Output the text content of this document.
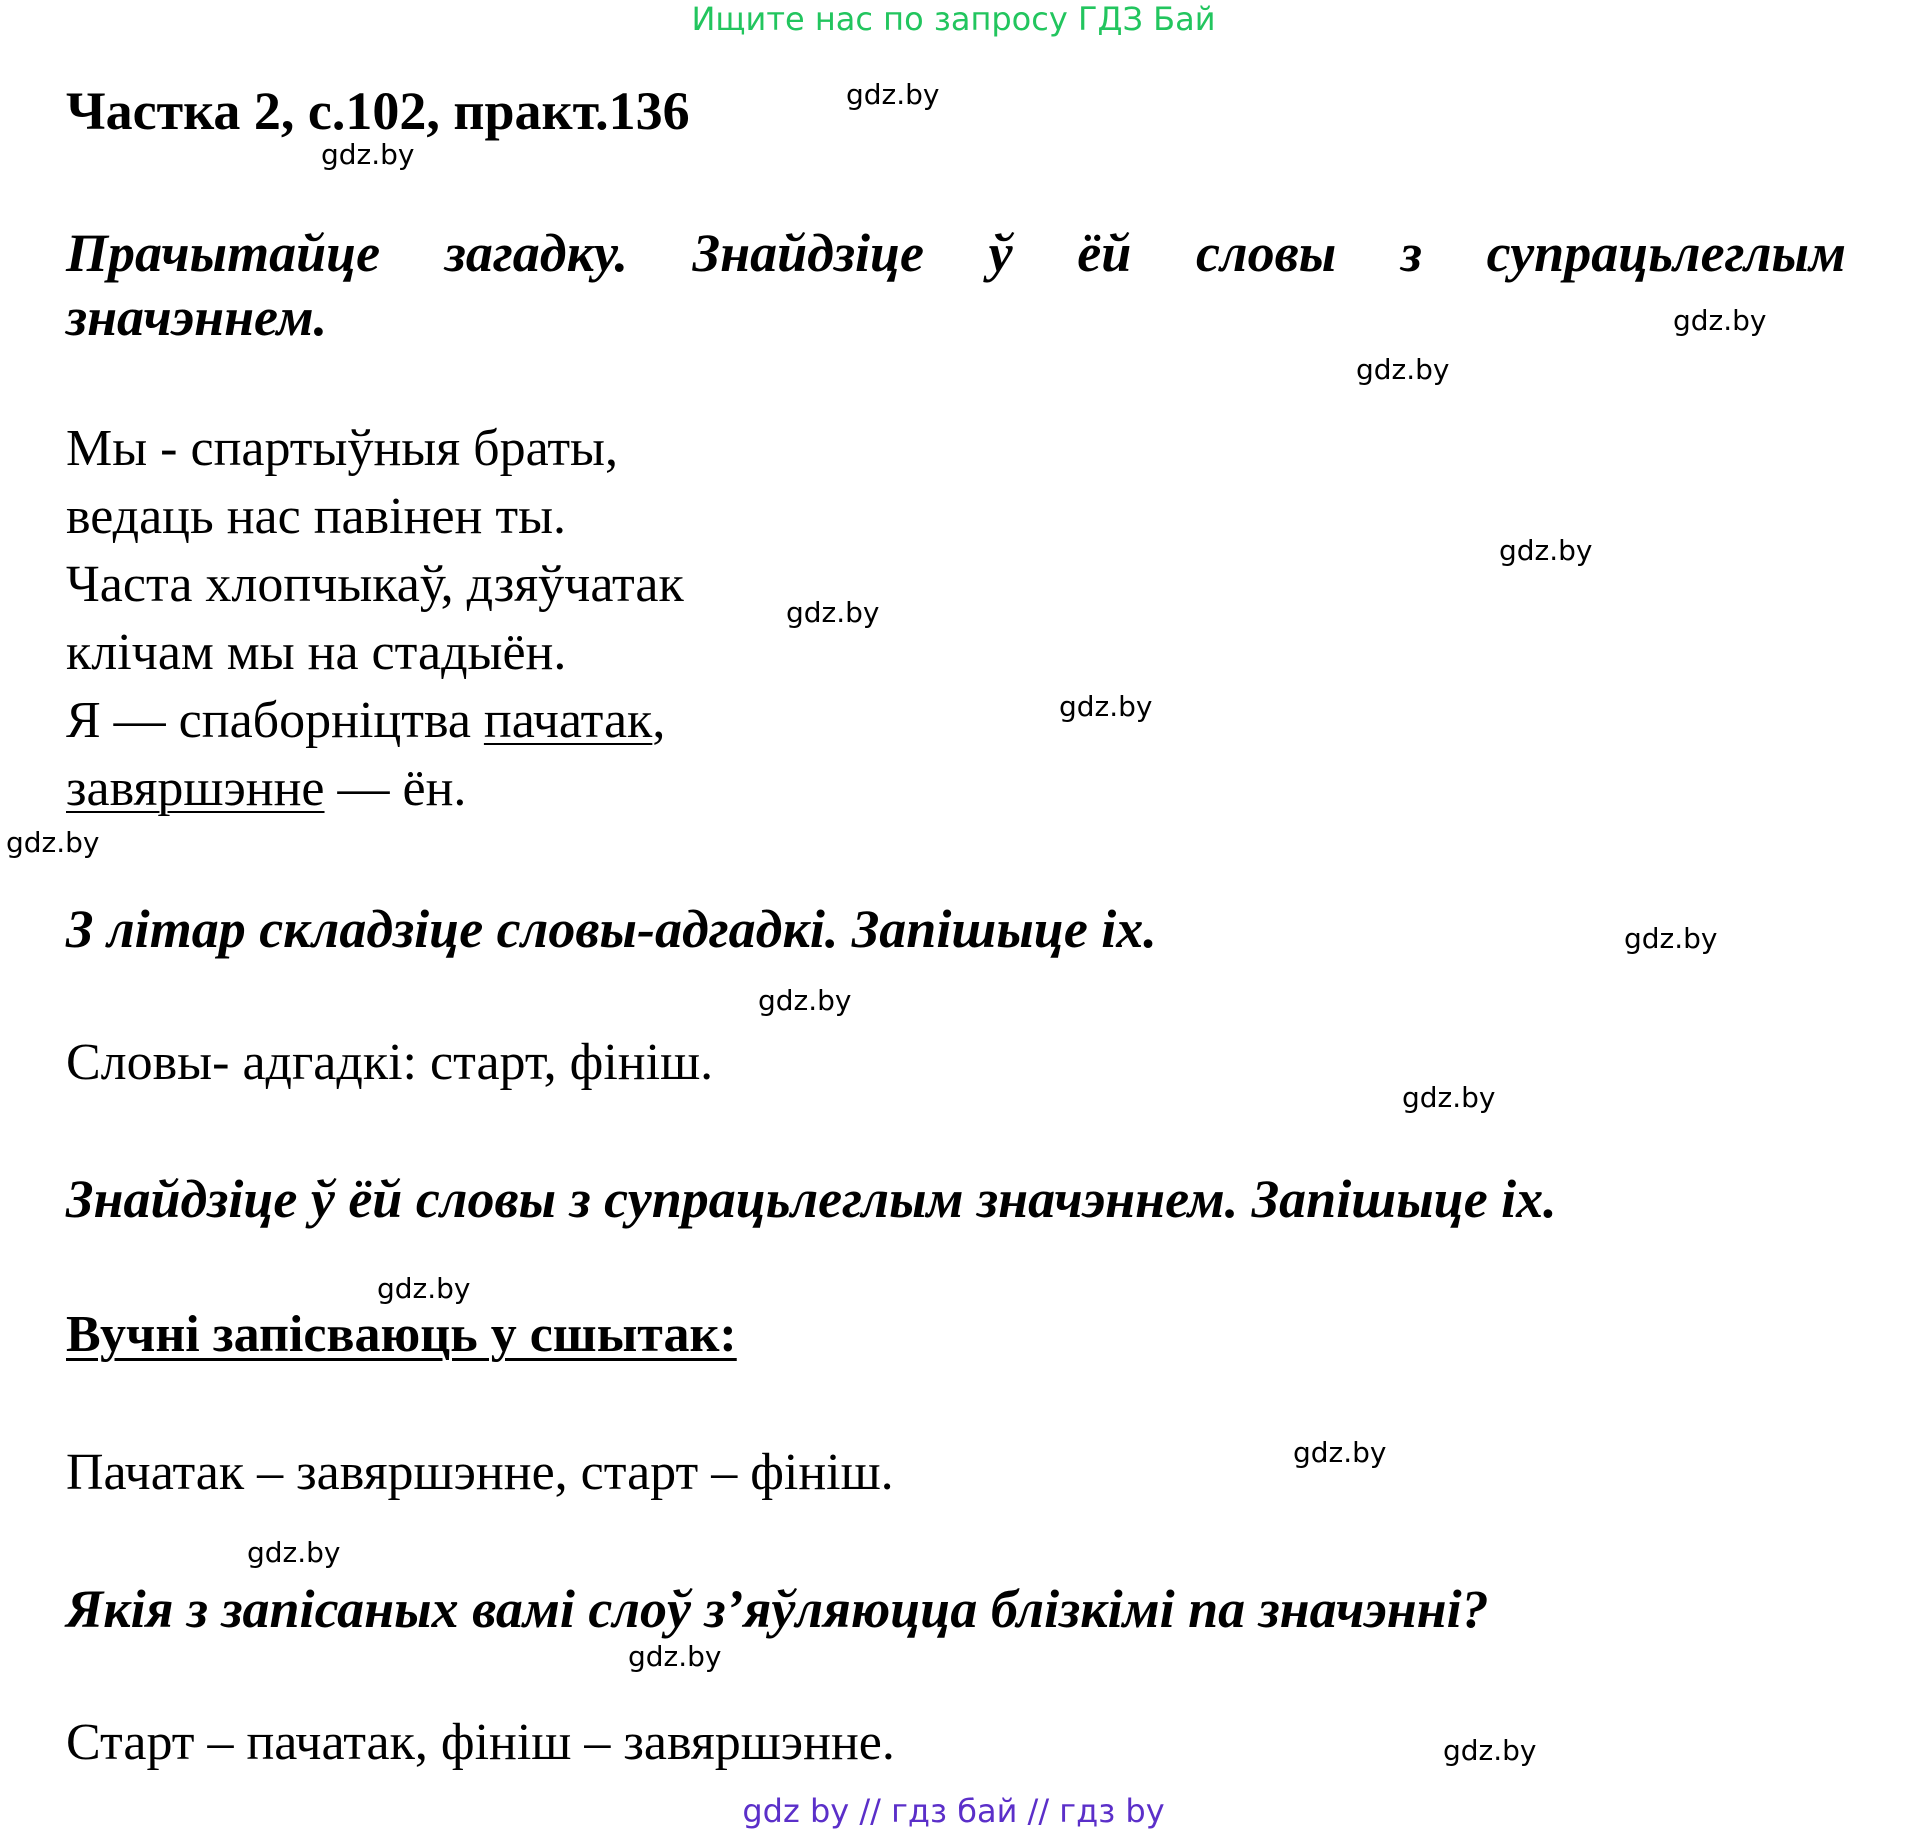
Ищите нас по запросу ГДЗ Бай
Частка 2, с.102, практ.136
Прачытайце загадку. Знайдзіце ў ёй словы з супрацьлеглым
значэннем.
Мы - спартыўныя браты,
ведаць нас павінен ты.
Часта хлопчыкаў, дзяўчатак
клічам мы на стадыён.
Я — спаборніцтва пачатак,
завяршэнне — ён.
З літар складзіце словы-адгадкі. Запішыце іх.
Словы- адгадкі: старт, фініш.
Знайдзіце ў ёй словы з супрацьлеглым значэннем. Запішыце іх.
Вучні запісваюць у сшытак:
Пачатак – завяршэнне, старт – фініш.
Якія з запісаных вамі слоў з’яўляюцца блізкімі па значэнні?
Старт – пачатак, фініш – завяршэнне.
gdz.by
gdz.by
gdz.by
gdz.by
gdz.by
gdz.by
gdz.by
gdz.by
gdz.by
gdz.by
gdz.by
gdz.by
gdz.by
gdz.by
gdz.by
gdz.by
gdz by // гдз бай // гдз by
